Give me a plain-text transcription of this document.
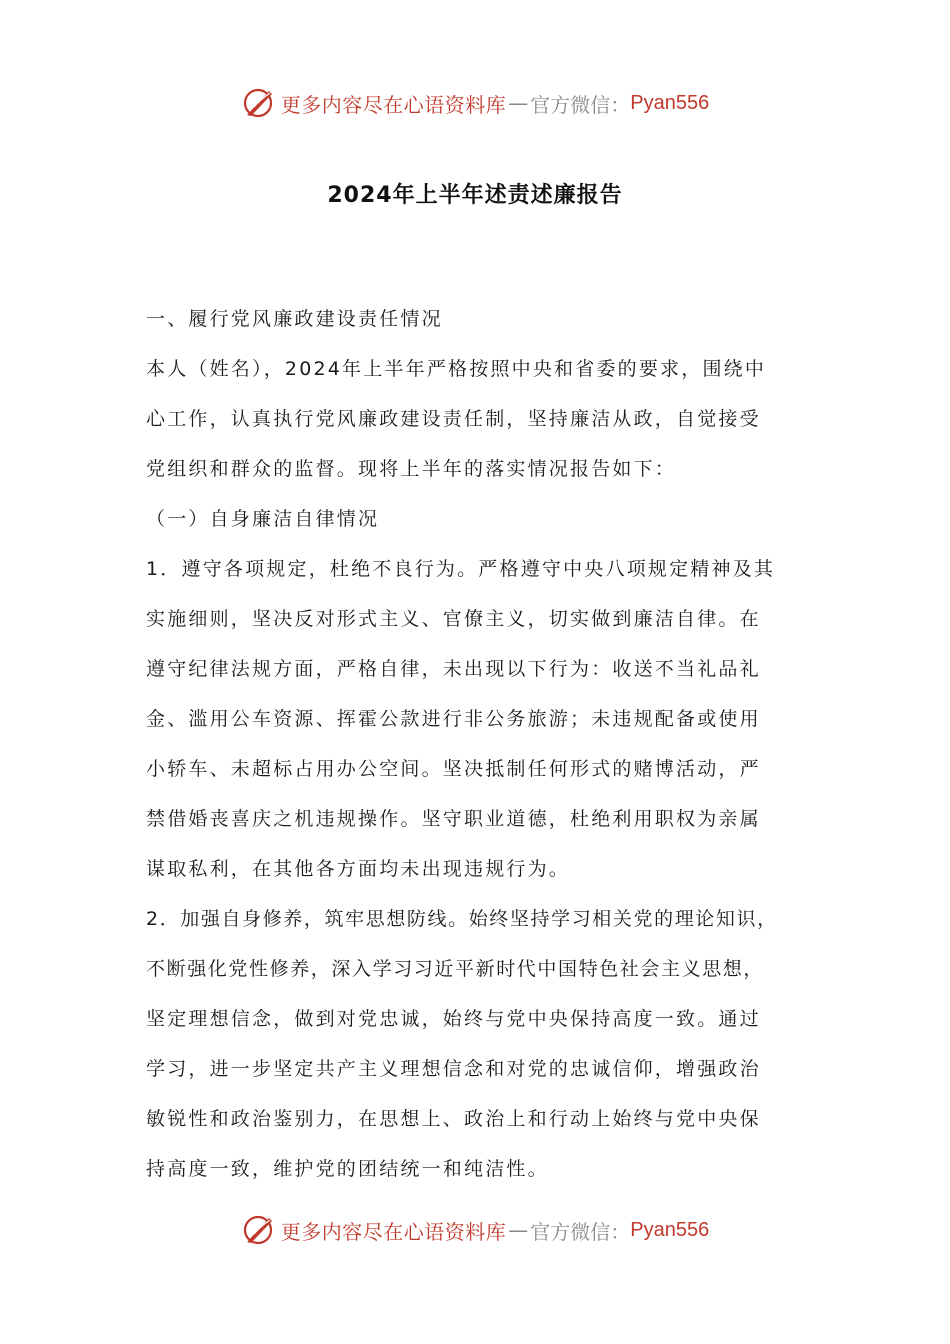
更多内容尽在心语资料库 — 官方微信： Pyan556
2024年上半年述责述廉报告
一、履行党风廉政建设责任情况
本人（姓名），2024年上半年严格按照中央和省委的要求，围绕中
心工作，认真执行党风廉政建设责任制，坚持廉洁从政，自觉接受
党组织和群众的监督。现将上半年的落实情况报告如下：
（一）自身廉洁自律情况
1．遵守各项规定，杜绝不良行为。严格遵守中央八项规定精神及其
实施细则，坚决反对形式主义、官僚主义，切实做到廉洁自律。在
遵守纪律法规方面，严格自律，未出现以下行为：收送不当礼品礼
金、滥用公车资源、挥霍公款进行非公务旅游；未违规配备或使用
小轿车、未超标占用办公空间。坚决抵制任何形式的赌博活动，严
禁借婚丧喜庆之机违规操作。坚守职业道德，杜绝利用职权为亲属
谋取私利，在其他各方面均未出现违规行为。
2．加强自身修养，筑牢思想防线。始终坚持学习相关党的理论知识，
不断强化党性修养，深入学习习近平新时代中国特色社会主义思想，
坚定理想信念，做到对党忠诚，始终与党中央保持高度一致。通过
学习，进一步坚定共产主义理想信念和对党的忠诚信仰，增强政治
敏锐性和政治鉴别力，在思想上、政治上和行动上始终与党中央保
持高度一致，维护党的团结统一和纯洁性。
更多内容尽在心语资料库 — 官方微信： Pyan556
